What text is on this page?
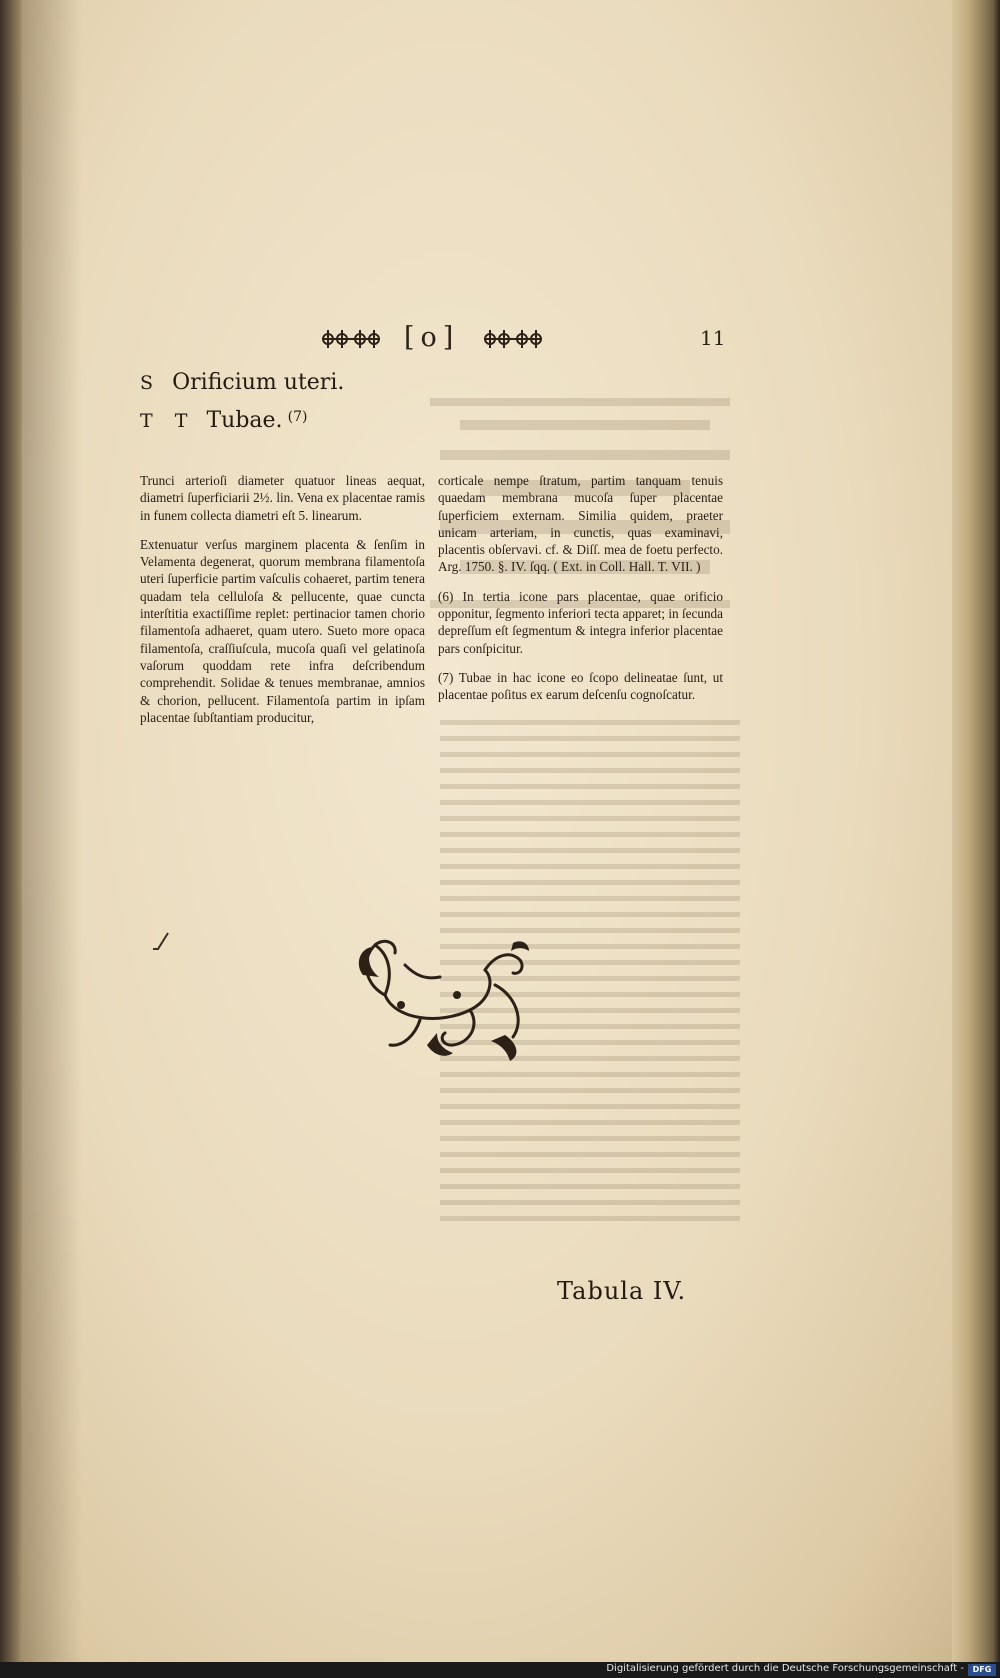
[o]	11
S Orificium uteri.
T T Tubae. (7)

Trunci arterioſi diameter quatuor lineas aequat, diametri ſuperficiarii 2½. lin. Vena ex placentae ramis in funem collecta diametri eſt 5. linearum.

Extenuatur verſus marginem placenta & ſenſim in Velamenta degenerat, quorum membrana filamentoſa uteri ſuperficie partim vaſculis cohaeret, partim tenera quadam tela celluloſa & pellucente, quae cuncta interſtitia exactiſſime replet: pertinacior tamen chorio filamentoſa adhaeret, quam utero. Sueto more opaca filamentoſa, craſſiuſcula, mucoſa quaſi vel gelatinoſa vaſorum quoddam rete infra deſcribendum comprehendit. Solidae & tenues membranae, amnios & chorion, pellucent. Filamentoſa partim in ipſam placentae ſubſtantiam producitur,

corticale nempe ſtratum, partim tanquam tenuis quaedam membrana mucoſa ſuper placentae ſuperficiem externam. Similia quidem, praeter unicam arteriam, in cunctis, quas examinavi, placentis obſervavi. cf. & Diſſ. mea de foetu perfecto. Arg. 1750. §. IV. ſqq. ( Ext. in Coll. Hall. T. VII. )

(6) In tertia icone pars placentae, quae orificio opponitur, ſegmento inferiori tecta apparet; in ſecunda depreſſum eſt ſegmentum & integra inferior placentae pars conſpicitur.

(7) Tubae in hac icone eo ſcopo delineatae ſunt, ut placentae poſitus ex earum deſcenſu cognoſcatur.

Tabula IV.
Digitalisierung gefördert durch die Deutsche Forschungsgemeinschaft -	DFG
